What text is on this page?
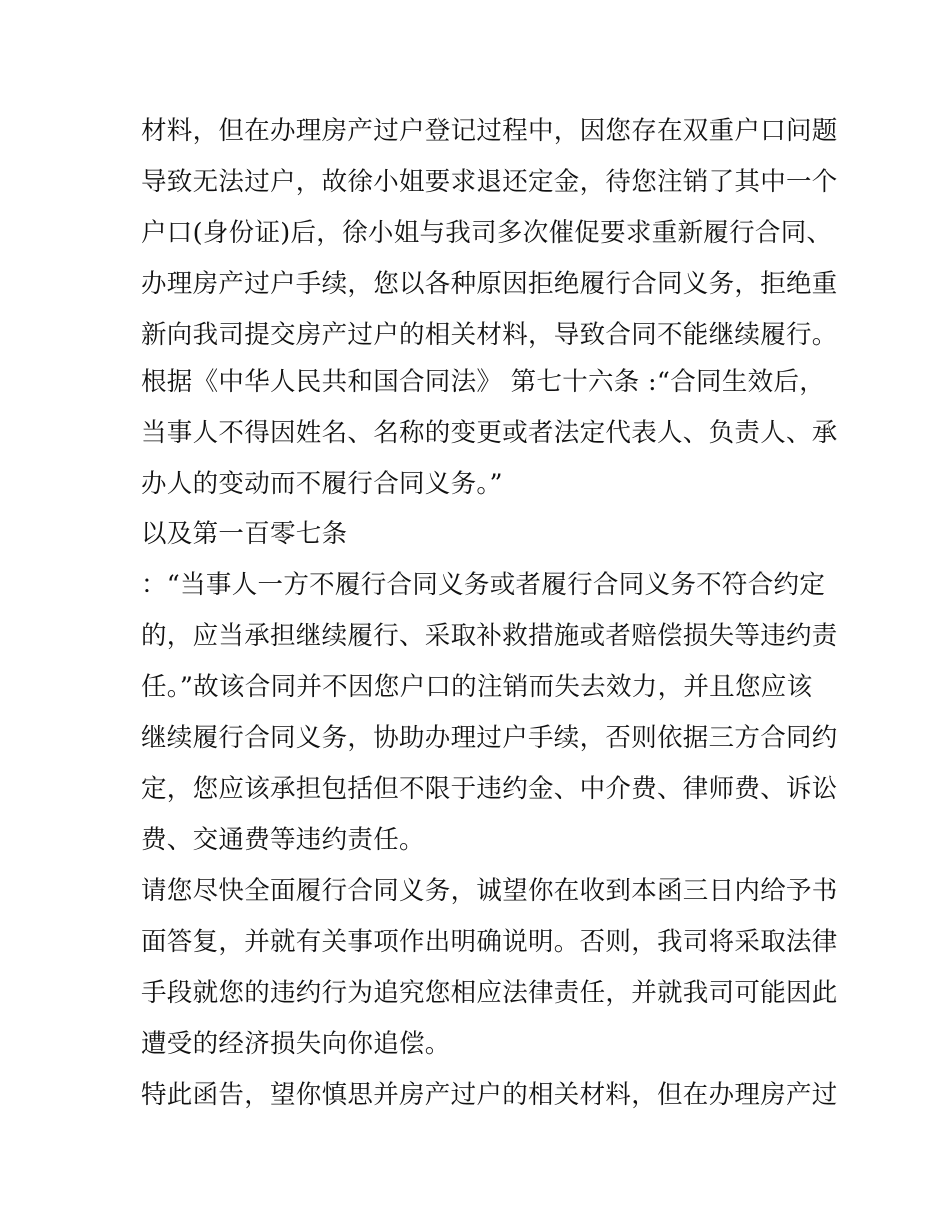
材料，但在办理房产过户登记过程中，因您存在双重户口问题
导致无法过户，故徐小姐要求退还定金，待您注销了其中一个
户口(身份证)后，徐小姐与我司多次催促要求重新履行合同、
办理房产过户手续，您以各种原因拒绝履行合同义务，拒绝重
新向我司提交房产过户的相关材料，导致合同不能继续履行。
根据《中华人民共和国合同法》 第七十六条 :“合同生效后，
当事人不得因姓名、名称的变更或者法定代表人、负责人、承
办人的变动而不履行合同义务。”
以及第一百零七条
：“当事人一方不履行合同义务或者履行合同义务不符合约定
的，应当承担继续履行、采取补救措施或者赔偿损失等违约责
任。”故该合同并不因您户口的注销而失去效力，并且您应该
继续履行合同义务，协助办理过户手续，否则依据三方合同约
定，您应该承担包括但不限于违约金、中介费、律师费、诉讼
费、交通费等违约责任。
请您尽快全面履行合同义务，诚望你在收到本函三日内给予书
面答复，并就有关事项作出明确说明。否则，我司将采取法律
手段就您的违约行为追究您相应法律责任，并就我司可能因此
遭受的经济损失向你追偿。
特此函告，望你慎思并房产过户的相关材料，但在办理房产过
